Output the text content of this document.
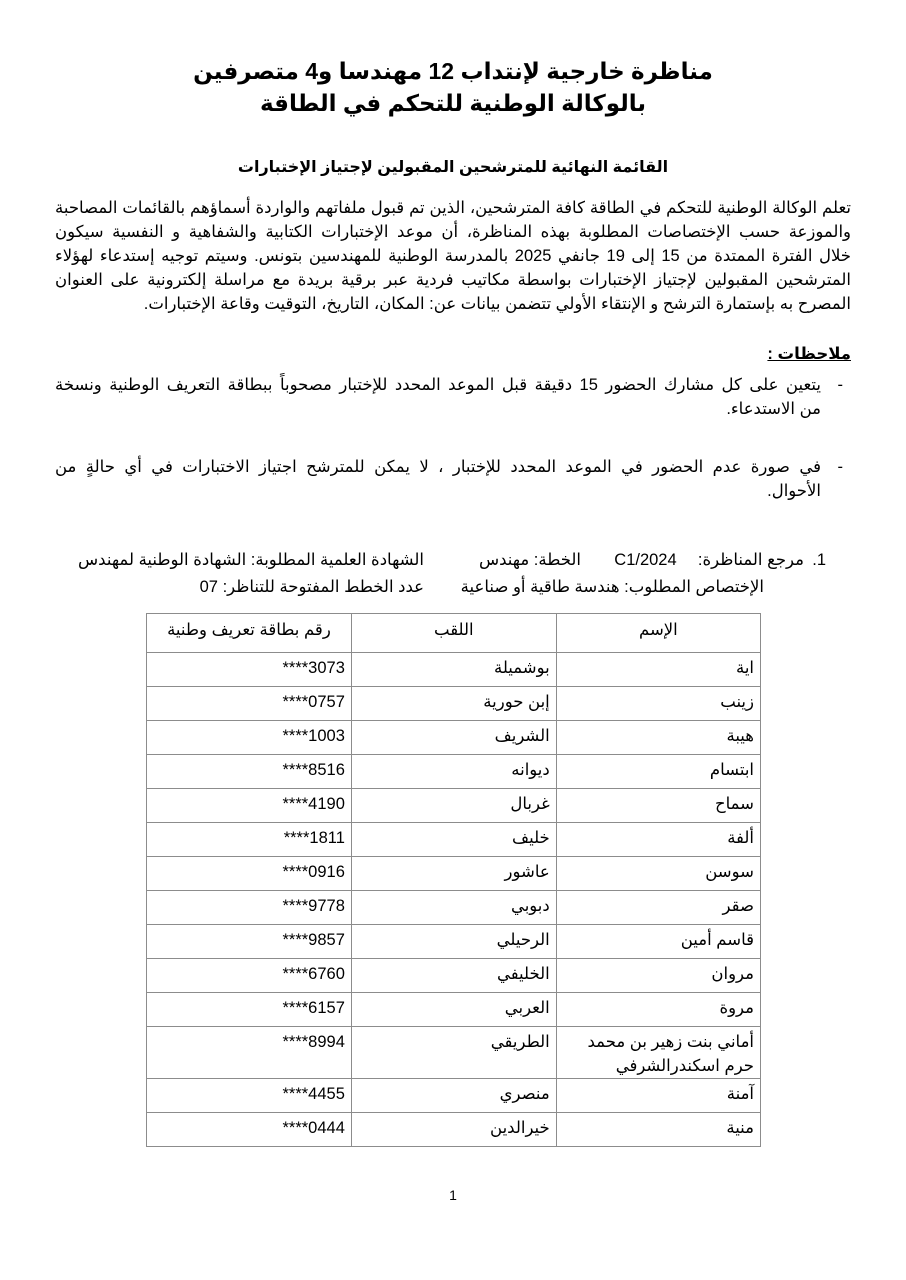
مناظرة خارجية لإنتداب 12 مهندسا و4 متصرفين
بالوكالة الوطنية للتحكم في الطاقة
القائمة النهائية للمترشحين المقبولين لإجتياز الإختبارات
تعلم الوكالة الوطنية للتحكم في الطاقة كافة المترشحين، الذين تم قبول ملفاتهم والواردة أسماؤهم بالقائمات المصاحبة
والموزعة حسب الإختصاصات المطلوبة بهذه المناظرة، أن موعد الإختبارات الكتابية والشفاهية و النفسية سيكون
خلال الفترة الممتدة من 15 إلى 19 جانفي 2025 بالمدرسة الوطنية للمهندسين بتونس. وسيتم توجيه إستدعاء لهؤلاء
المترشحين المقبولين لإجتياز الإختبارات بواسطة مكاتيب فردية عبر برقية بريدة مع مراسلة إلكترونية على العنوان
المصرح به بإستمارة الترشح و الإنتقاء الأولي تتضمن بيانات عن: المكان، التاريخ، التوقيت وقاعة الإختبارات.
ملاحظات :
-
يتعين على كل مشارك الحضور 15 دقيقة قبل الموعد المحدد للإختبار مصحوباً ببطاقة التعريف الوطنية ونسخة
من الاستدعاء.
-
في صورة عدم الحضور في الموعد المحدد للإختبار ، لا يمكن للمترشح اجتياز الاختبارات في أي حالةٍ من
الأحوال.
1.
مرجع المناظرة:  C1/2024
الخطة: مهندس
الشهادة العلمية المطلوبة: الشهادة الوطنية لمهندس
الإختصاص المطلوب: هندسة طاقية أو صناعية
عدد الخطط المفتوحة للتناظر: 07
الإسم	اللقب	رقم بطاقة تعريف وطنية
اية	بوشميلة	****3073
زينب	إبن حورية	****0757
هيبة	الشريف	****1003
ابتسام	ديوانه	****8516
سماح	غربال	****4190
ألفة	خليف	****1811
سوسن	عاشور	****0916
صقر	دبوبي	****9778
قاسم أمين	الرحيلي	****9857
مروان	الخليفي	****6760
مروة	العربي	****6157
أماني بنت زهير بن محمد حرم اسكندرالشرفي	الطريقي	****8994
آمنة	منصري	****4455
منية	خيرالدين	****0444
1
